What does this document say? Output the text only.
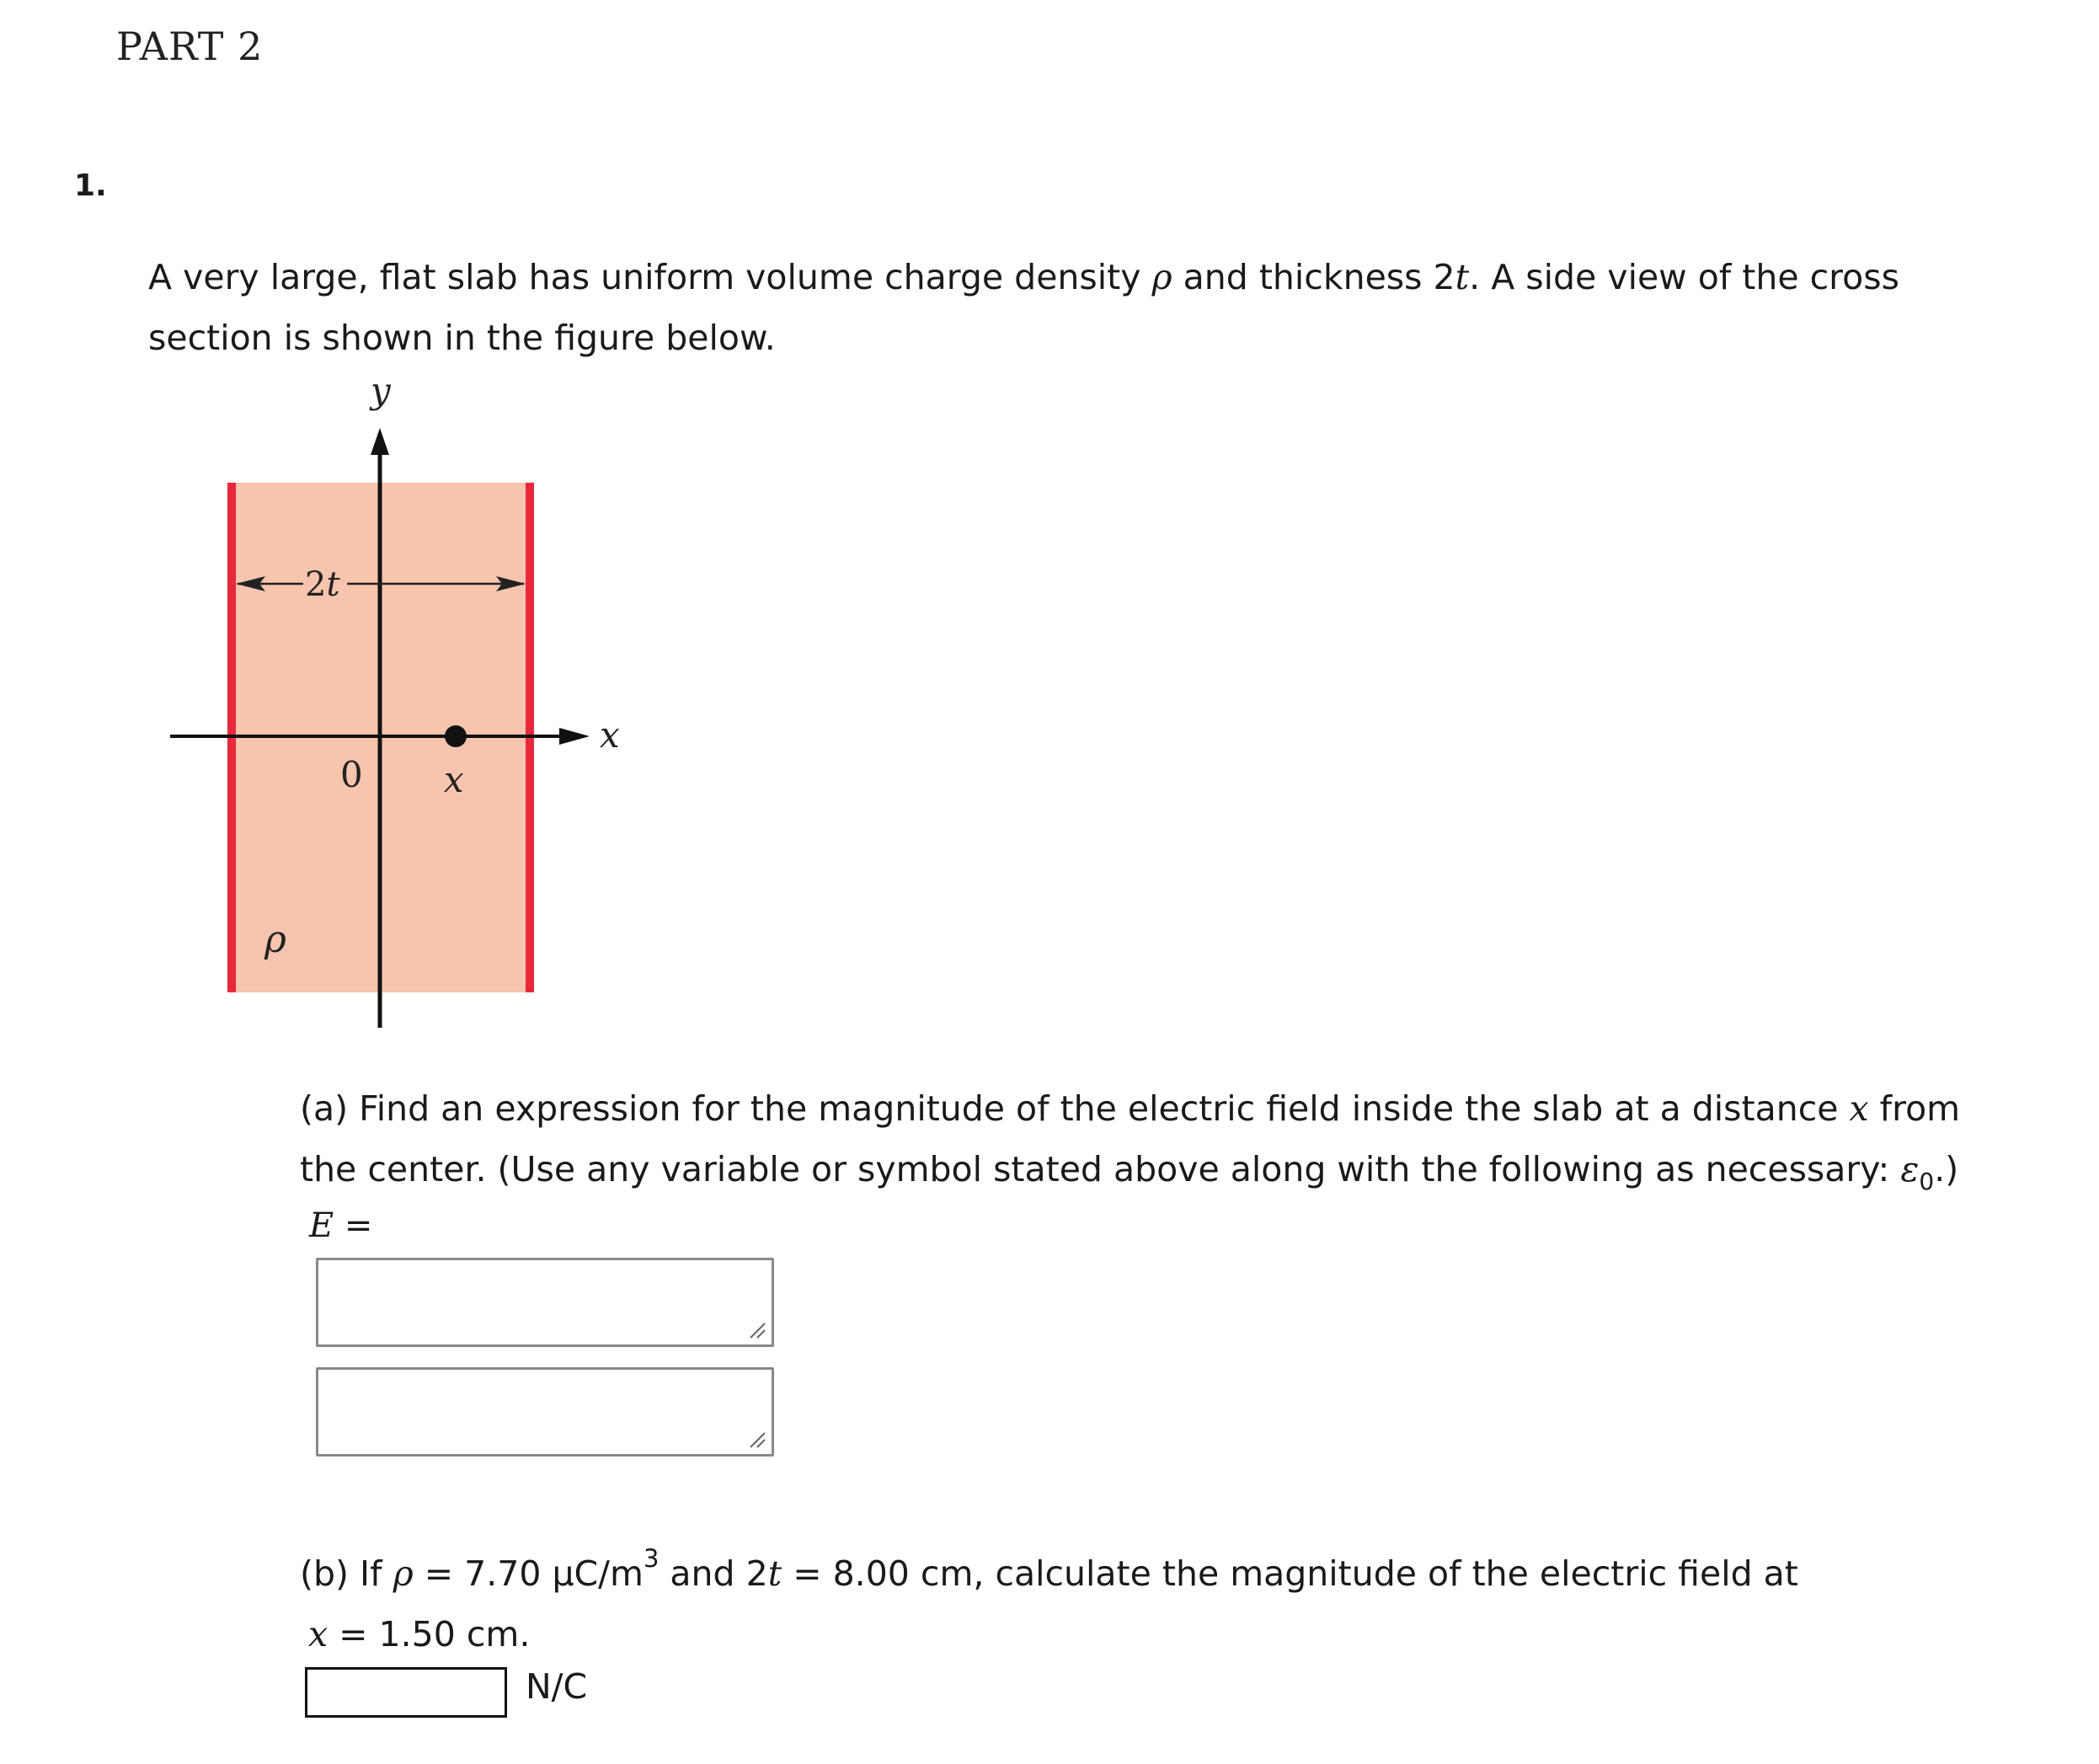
PART 2
1.
A very large, flat slab has uniform volume charge density ρ and thickness 2t. A side view of the cross
section is shown in the figure below.
2t
y
x
0 x
ρ
(a) Find an expression for the magnitude of the electric field inside the slab at a distance x from
the center. (Use any variable or symbol stated above along with the following as necessary: $\varepsilon_0$.)
E =
(b) If ρ = 7.70 $\mu C/m^3$ and 2t = 8.00 cm, calculate the magnitude of the electric field at
x = 1.50 cm.
N/C
